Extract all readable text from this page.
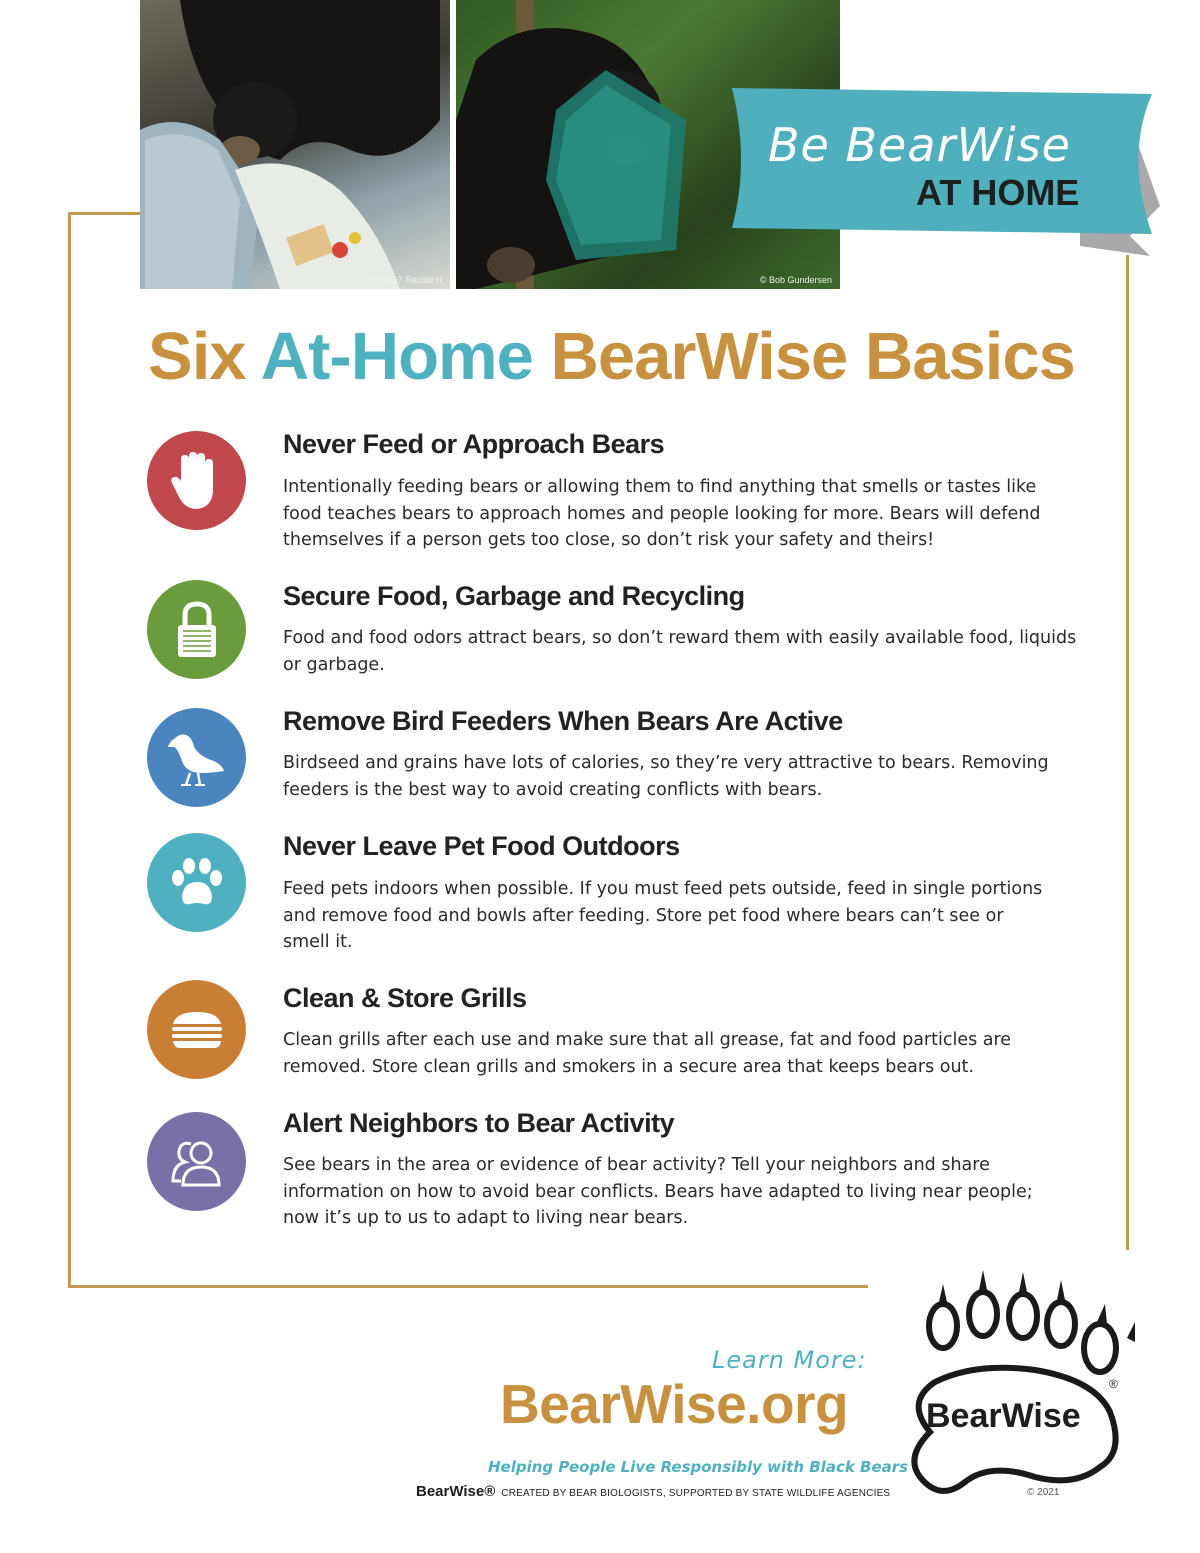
(c) 2017 Rachid H	© Bob Gundersen
Be BearWise
AT HOME
Six At-Home BearWise Basics
Never Feed or Approach Bears
Intentionally feeding bears or allowing them to find anything that smells or tastes like food teaches bears to approach homes and people looking for more. Bears will defend themselves if a person gets too close, so don’t risk your safety and theirs!
Secure Food, Garbage and Recycling
Food and food odors attract bears, so don’t reward them with easily available food, liquids or garbage.
Remove Bird Feeders When Bears Are Active
Birdseed and grains have lots of calories, so they’re very attractive to bears. Removing feeders is the best way to avoid creating conflicts with bears.
Never Leave Pet Food Outdoors
Feed pets indoors when possible. If you must feed pets outside, feed in single portions and remove food and bowls after feeding. Store pet food where bears can’t see or smell it.
Clean & Store Grills
Clean grills after each use and make sure that all grease, fat and food particles are removed. Store clean grills and smokers in a secure area that keeps bears out.
Alert Neighbors to Bear Activity
See bears in the area or evidence of bear activity? Tell your neighbors and share information on how to avoid bear conflicts. Bears have adapted to living near people; now it’s up to us to adapt to living near bears.
Learn More:
BearWise.org
Helping People Live Responsibly with Black Bears
BearWise® CREATED BY BEAR BIOLOGISTS, SUPPORTED BY STATE WILDLIFE AGENCIES
®
BearWise
© 2021
